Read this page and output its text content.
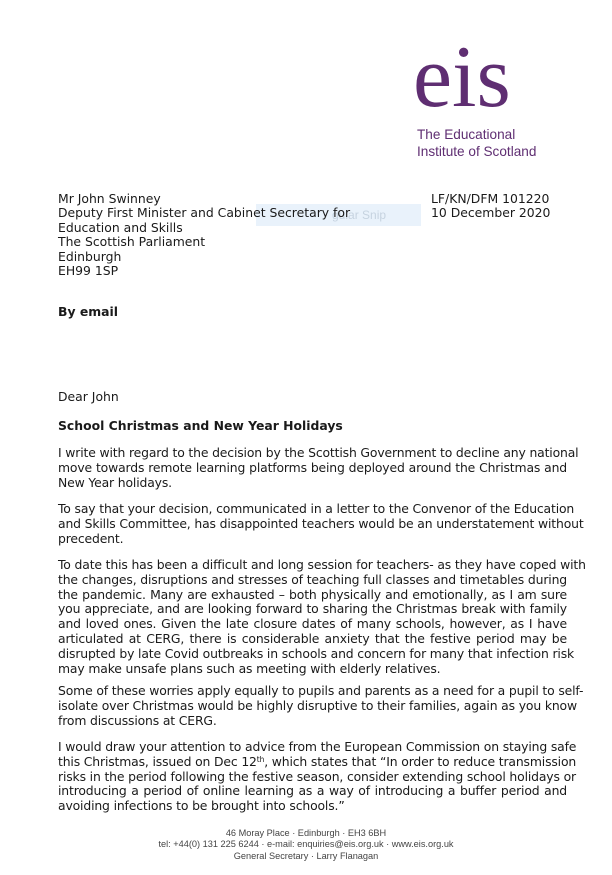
eis
The Educational
Institute of Scotland
gular Snip
Mr John Swinney
Deputy First Minister and Cabinet Secretary for
Education and Skills
The Scottish Parliament
Edinburgh
EH99 1SP
LF/KN/DFM 101220
10 December 2020
By email
Dear John
School Christmas and New Year Holidays
I write with regard to the decision by the Scottish Government to decline any national
move towards remote learning platforms being deployed around the Christmas and
New Year holidays.
To say that your decision, communicated in a letter to the Convenor of the Education
and Skills Committee, has disappointed teachers would be an understatement without
precedent.
To date this has been a difficult and long session for teachers- as they have coped with
the changes, disruptions and stresses of teaching full classes and timetables during
the pandemic. Many are exhausted – both physically and emotionally, as I am sure
you appreciate, and are looking forward to sharing the Christmas break with family
and loved ones. Given the late closure dates of many schools, however, as I have
articulated at CERG, there is considerable anxiety that the festive period may be
disrupted by late Covid outbreaks in schools and concern for many that infection risk
may make unsafe plans such as meeting with elderly relatives.
Some of these worries apply equally to pupils and parents as a need for a pupil to self-
isolate over Christmas would be highly disruptive to their families, again as you know
from discussions at CERG.
I would draw your attention to advice from the European Commission on staying safe
this Christmas, issued on Dec 12th, which states that “In order to reduce transmission
risks in the period following the festive season, consider extending school holidays or
introducing a period of online learning as a way of introducing a buffer period and
avoiding infections to be brought into schools.”
46 Moray Place · Edinburgh · EH3 6BH
tel: +44(0) 131 225 6244 · e-mail: enquiries@eis.org.uk · www.eis.org.uk
General Secretary · Larry Flanagan
